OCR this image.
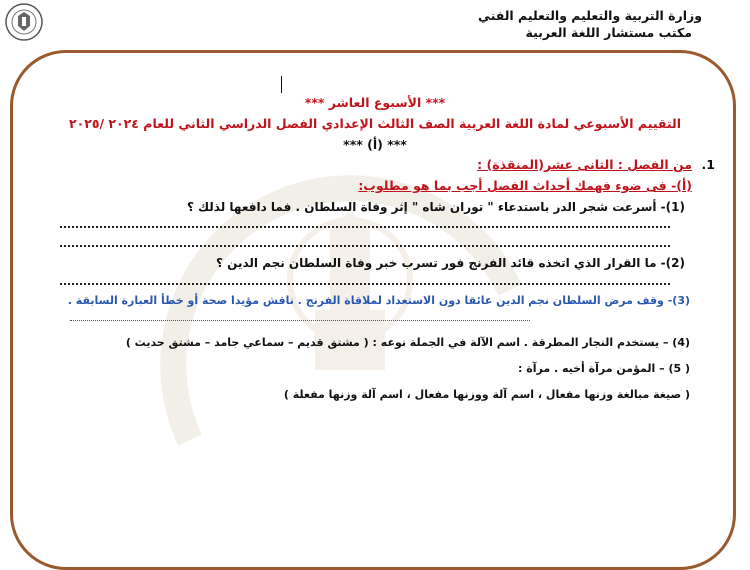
وزارة التربية والتعليم والتعليم الفني
مكتب مستشار اللغة العربية
*** الأسبوع العاشر ***
التقييم الأسبوعي لمادة اللغة العربية الصف الثالث الإعدادي الفصل الدراسي الثاني للعام ٢٠٢٤ /٢٠٢٥
*** (أ) ***
1.
من الفصل : الثانى عشر(المنقذة) :
(أ)- فى ضوء فهمك أحداث الفصل أجب بما هو مطلوب:
(1)- أسرعت شجر الدر باستدعاء " توران شاه " إثر وفاة السلطان . فما دافعها لذلك ؟
(2)- ما القرار الذي اتخذه قائد الفرنج فور تسرب خبر وفاة السلطان نجم الدين ؟
(3)- وقف مرض السلطان نجم الدين عائقا دون الاستعداد لملاقاة الفرنج . ناقش مؤيدا صحة أو خطأ العبارة السابقة .
(4) – يستخدم النجار المطرقة . اسم الآلة في الجملة نوعه : ( مشتق قديم – سماعي جامد – مشتق حديث )
( 5) – المؤمن مرآة أخيه . مرآة :
( صيغة مبالغة وزنها مفعال ، اسم آلة ووزنها مفعال ، اسم آلة وزنها مفعلة )
